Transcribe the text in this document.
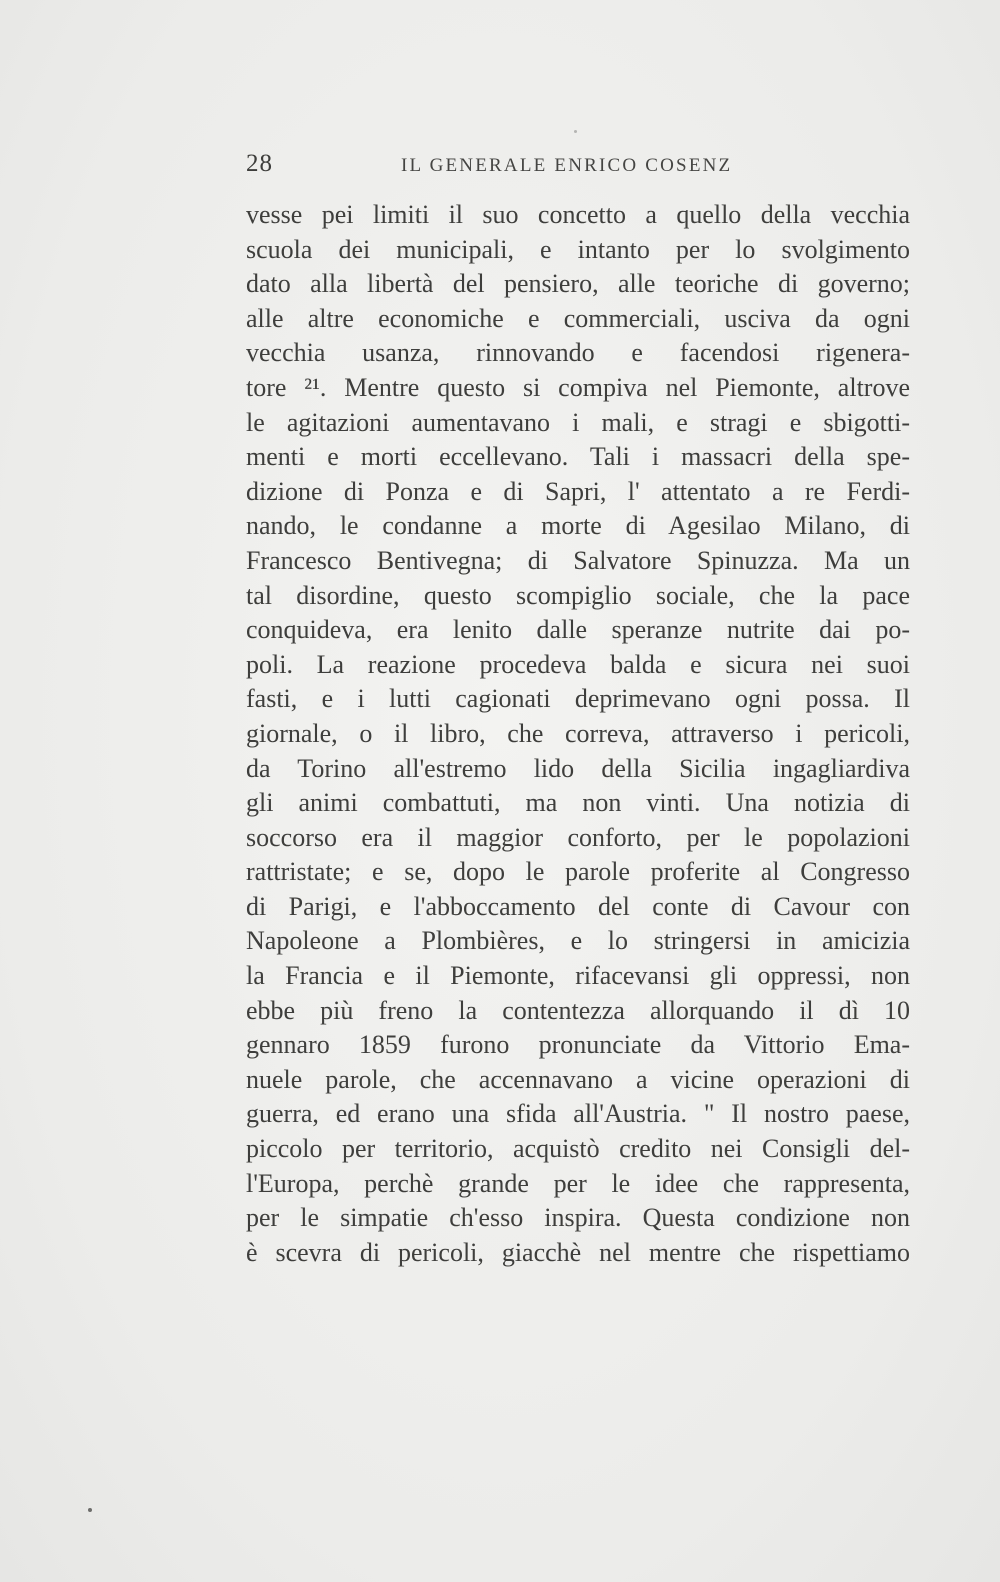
28	IL GENERALE ENRICO COSENZ
vesse pei limiti il suo concetto a quello della vecchia
scuola dei municipali, e intanto per lo svolgimento
dato alla libertà del pensiero, alle teoriche di governo;
alle altre economiche e commerciali, usciva da ogni
vecchia usanza, rinnovando e facendosi rigenera-
tore ²¹. Mentre questo si compiva nel Piemonte, altrove
le agitazioni aumentavano i mali, e stragi e sbigotti-
menti e morti eccellevano. Tali i massacri della spe-
dizione di Ponza e di Sapri, l' attentato a re Ferdi-
nando, le condanne a morte di Agesilao Milano, di
Francesco Bentivegna; di Salvatore Spinuzza. Ma un
tal disordine, questo scompiglio sociale, che la pace
conquideva, era lenito dalle speranze nutrite dai po-
poli. La reazione procedeva balda e sicura nei suoi
fasti, e i lutti cagionati deprimevano ogni possa. Il
giornale, o il libro, che correva, attraverso i pericoli,
da Torino all'estremo lido della Sicilia ingagliardiva
gli animi combattuti, ma non vinti. Una notizia di
soccorso era il maggior conforto, per le popolazioni
rattristate; e se, dopo le parole proferite al Congresso
di Parigi, e l'abboccamento del conte di Cavour con
Napoleone a Plombières, e lo stringersi in amicizia
la Francia e il Piemonte, rifacevansi gli oppressi, non
ebbe più freno la contentezza allorquando il dì 10
gennaro 1859 furono pronunciate da Vittorio Ema-
nuele parole, che accennavano a vicine operazioni di
guerra, ed erano una sfida all'Austria. " Il nostro paese,
piccolo per territorio, acquistò credito nei Consigli del-
l'Europa, perchè grande per le idee che rappresenta,
per le simpatie ch'esso inspira. Questa condizione non
è scevra di pericoli, giacchè nel mentre che rispettiamo
